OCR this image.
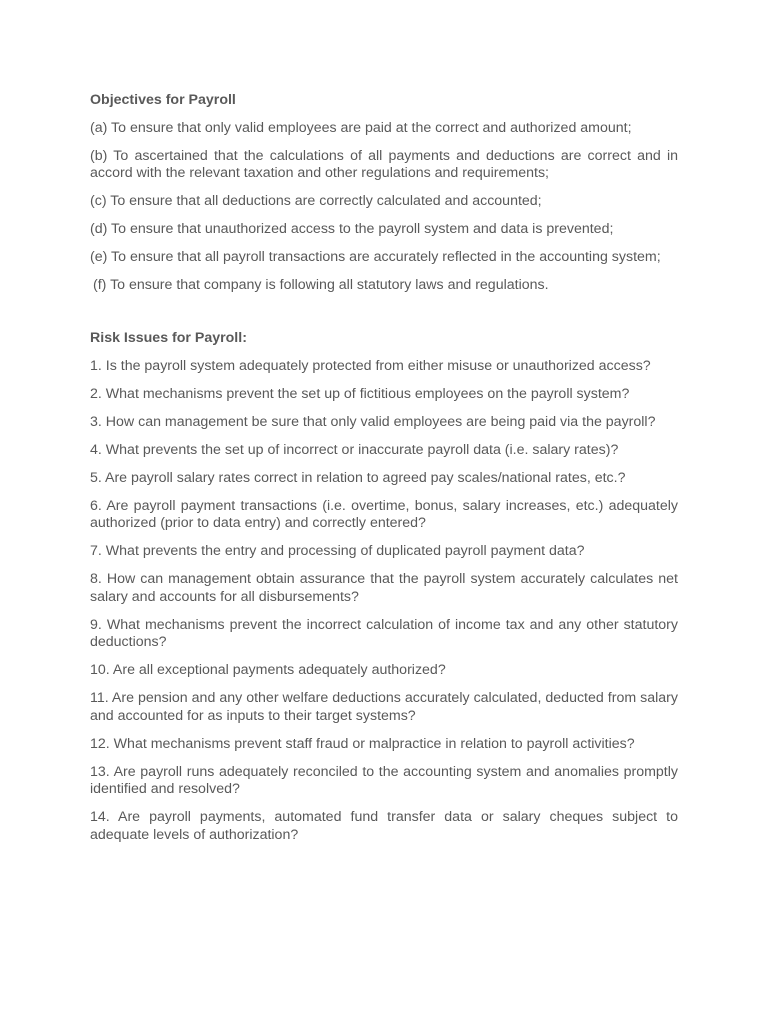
Objectives for Payroll

(a) To ensure that only valid employees are paid at the correct and authorized amount;

(b) To ascertained that the calculations of all payments and deductions are correct and in accord with the relevant taxation and other regulations and requirements;

(c) To ensure that all deductions are correctly calculated and accounted;

(d) To ensure that unauthorized access to the payroll system and data is prevented;

(e) To ensure that all payroll transactions are accurately reflected in the accounting system;

(f) To ensure that company is following all statutory laws and regulations.

Risk Issues for Payroll:

1. Is the payroll system adequately protected from either misuse or unauthorized access?

2. What mechanisms prevent the set up of fictitious employees on the payroll system?

3. How can management be sure that only valid employees are being paid via the payroll?

4. What prevents the set up of incorrect or inaccurate payroll data (i.e. salary rates)?

5. Are payroll salary rates correct in relation to agreed pay scales/national rates, etc.?

6. Are payroll payment transactions (i.e. overtime, bonus, salary increases, etc.) adequately authorized (prior to data entry) and correctly entered?

7. What prevents the entry and processing of duplicated payroll payment data?

8. How can management obtain assurance that the payroll system accurately calculates net salary and accounts for all disbursements?

9. What mechanisms prevent the incorrect calculation of income tax and any other statutory deductions?

10. Are all exceptional payments adequately authorized?

11. Are pension and any other welfare deductions accurately calculated, deducted from salary and accounted for as inputs to their target systems?

12. What mechanisms prevent staff fraud or malpractice in relation to payroll activities?

13. Are payroll runs adequately reconciled to the accounting system and anomalies promptly identified and resolved?

14. Are payroll payments, automated fund transfer data or salary cheques subject to adequate levels of authorization?
